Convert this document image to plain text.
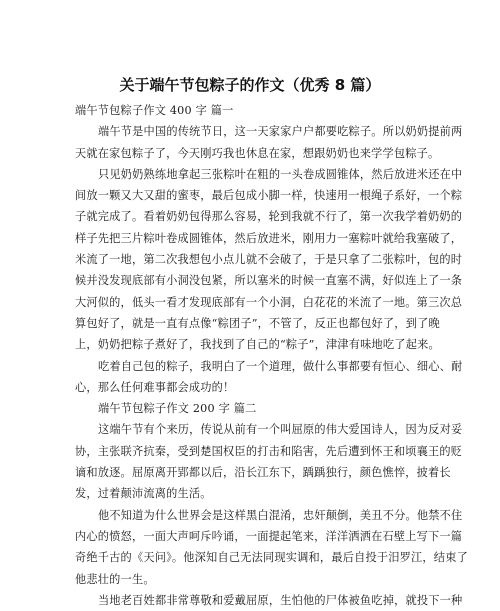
关于端午节包粽子的作文（优秀 8 篇）
端午节包粽子作文 400 字 篇一
端午节是中国的传统节日，这一天家家户户都要吃粽子。所以奶奶提前两
天就在家包粽子了，今天刚巧我也休息在家，想跟奶奶也来学学包粽子。
只见奶奶熟练地拿起三张粽叶在粗的一头卷成圆锥体，然后放进米还在中
间放一颗又大又甜的蜜枣，最后包成小脚一样，快速用一根绳子系好，一个粽
子就完成了。看着奶奶包得那么容易，轮到我就不行了，第一次我学着奶奶的
样子先把三片粽叶卷成圆锥体，然后放进米，刚用力一塞粽叶就给我塞破了，
米流了一地，第二次我想包小点儿就不会破了，于是只拿了二张粽叶，包的时
候并没发现底部有小洞没包紧，所以塞米的时候一直塞不满，好似连上了一条
大河似的，低头一看才发现底部有一个小洞，白花花的米流了一地。第三次总
算包好了，就是一直有点像“粽团子”，不管了，反正也都包好了，到了晚
上，奶奶把粽子煮好了，我找到了自己的“粽子”，津津有味地吃了起来。
吃着自己包的粽子，我明白了一个道理，做什么事都要有恒心、细心、耐
心，那么任何难事都会成功的！
端午节包粽子作文 200 字 篇二
这端午节有个来历，传说从前有一个叫屈原的伟大爱国诗人，因为反对妥
协，主张联齐抗秦，受到楚国权臣的打击和陷害，先后遭到怀王和顷襄王的贬
谪和放逐。屈原离开郢都以后，沿长江东下，踽踽独行，颜色憔悴，披着长
发，过着颠沛流离的生活。
他不知道为什么世界会是这样黑白混淆，忠奸颠倒，美丑不分。他禁不住
内心的愤怒，一面大声呵斥吟诵，一面提起笔来，洋洋洒洒在石壁上写下一篇
奇绝千古的《天问》。他深知自己无法同现实调和，最后自投于汨罗江，结束了
他悲壮的一生。
当地老百姓都非常尊敬和爱戴屈原，生怕他的尸体被鱼吃掉，就投下一种
